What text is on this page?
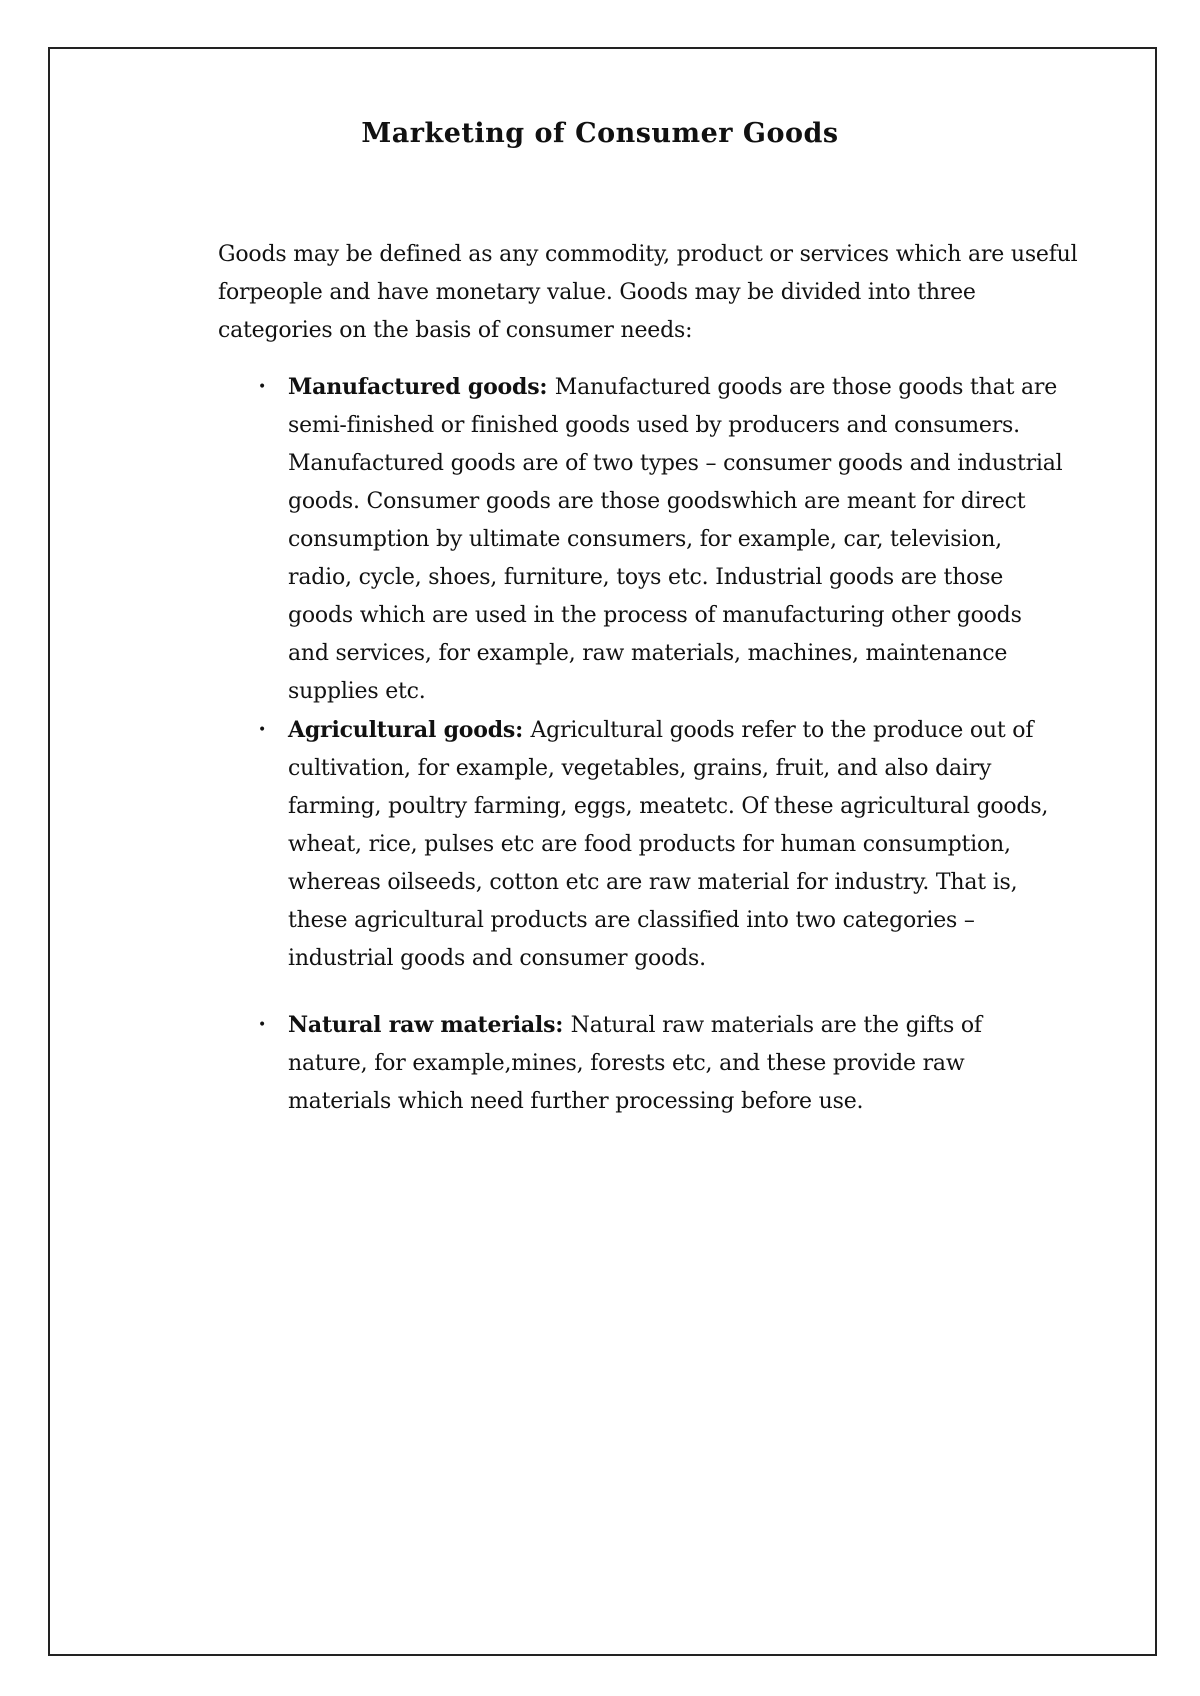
Marketing of Consumer Goods

Goods may be defined as any commodity, product or services which are useful forpeople and have monetary value. Goods may be divided into three categories on the basis of consumer needs:

• Manufactured goods: Manufactured goods are those goods that are semi-finished or finished goods used by producers and consumers. Manufactured goods are of two types – consumer goods and industrial goods. Consumer goods are those goodswhich are meant for direct consumption by ultimate consumers, for example, car, television, radio, cycle, shoes, furniture, toys etc. Industrial goods are those goods which are used in the process of manufacturing other goods and services, for example, raw materials, machines, maintenance supplies etc.
• Agricultural goods: Agricultural goods refer to the produce out of cultivation, for example, vegetables, grains, fruit, and also dairy farming, poultry farming, eggs, meatetc. Of these agricultural goods, wheat, rice, pulses etc are food products for human consumption, whereas oilseeds, cotton etc are raw material for industry. That is, these agricultural products are classified into two categories – industrial goods and consumer goods.
• Natural raw materials: Natural raw materials are the gifts of nature, for example,mines, forests etc, and these provide raw materials which need further processing before use.
